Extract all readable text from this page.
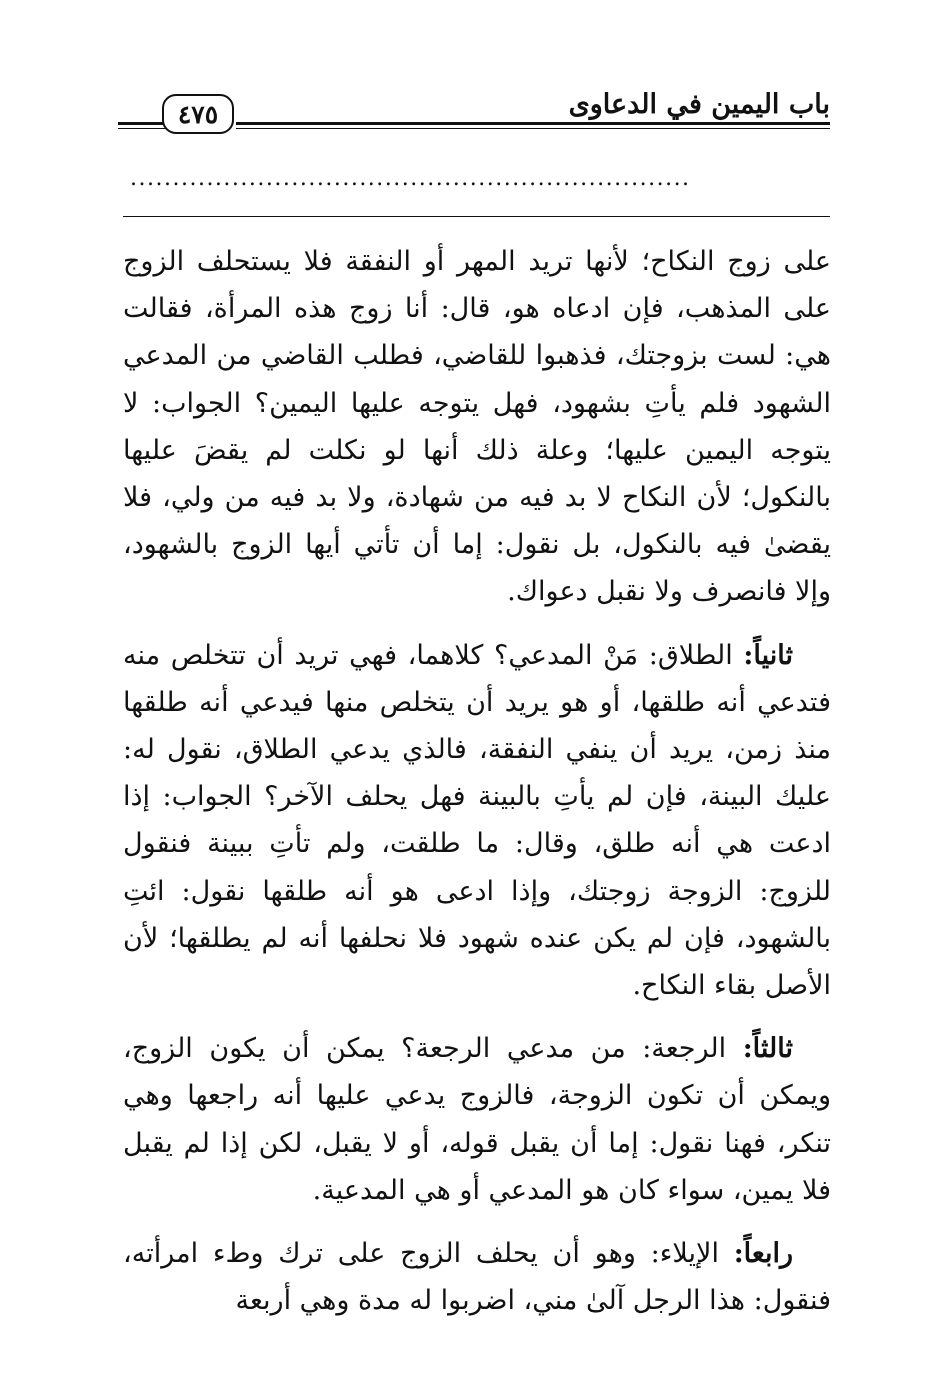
باب اليمين في الدعاوى
٤٧٥
..................................................................

على زوج النكاح؛ لأنها تريد المهر أو النفقة فلا يستحلف الزوج على المذهب، فإن ادعاه هو، قال: أنا زوج هذه المرأة، فقالت هي: لست بزوجتك، فذهبوا للقاضي، فطلب القاضي من المدعي الشهود فلم يأتِ بشهود، فهل يتوجه عليها اليمين؟ الجواب: لا يتوجه اليمين عليها؛ وعلة ذلك أنها لو نكلت لم يقضَ عليها بالنكول؛ لأن النكاح لا بد فيه من شهادة، ولا بد فيه من ولي، فلا يقضىٰ فيه بالنكول، بل نقول: إما أن تأتي أيها الزوج بالشهود، وإلا فانصرف ولا نقبل دعواك.

ثانياً: الطلاق: مَنْ المدعي؟ كلاهما، فهي تريد أن تتخلص منه فتدعي أنه طلقها، أو هو يريد أن يتخلص منها فيدعي أنه طلقها منذ زمن، يريد أن ينفي النفقة، فالذي يدعي الطلاق، نقول له: عليك البينة، فإن لم يأتِ بالبينة فهل يحلف الآخر؟ الجواب: إذا ادعت هي أنه طلق، وقال: ما طلقت، ولم تأتِ ببينة فنقول للزوج: الزوجة زوجتك، وإذا ادعى هو أنه طلقها نقول: ائتِ بالشهود، فإن لم يكن عنده شهود فلا نحلفها أنه لم يطلقها؛ لأن الأصل بقاء النكاح.

ثالثاً: الرجعة: من مدعي الرجعة؟ يمكن أن يكون الزوج، ويمكن أن تكون الزوجة، فالزوج يدعي عليها أنه راجعها وهي تنكر، فهنا نقول: إما أن يقبل قوله، أو لا يقبل، لكن إذا لم يقبل فلا يمين، سواء كان هو المدعي أو هي المدعية.

رابعاً: الإيلاء: وهو أن يحلف الزوج على ترك وطء امرأته، فنقول: هذا الرجل آلىٰ مني، اضربوا له مدة وهي أربعة
